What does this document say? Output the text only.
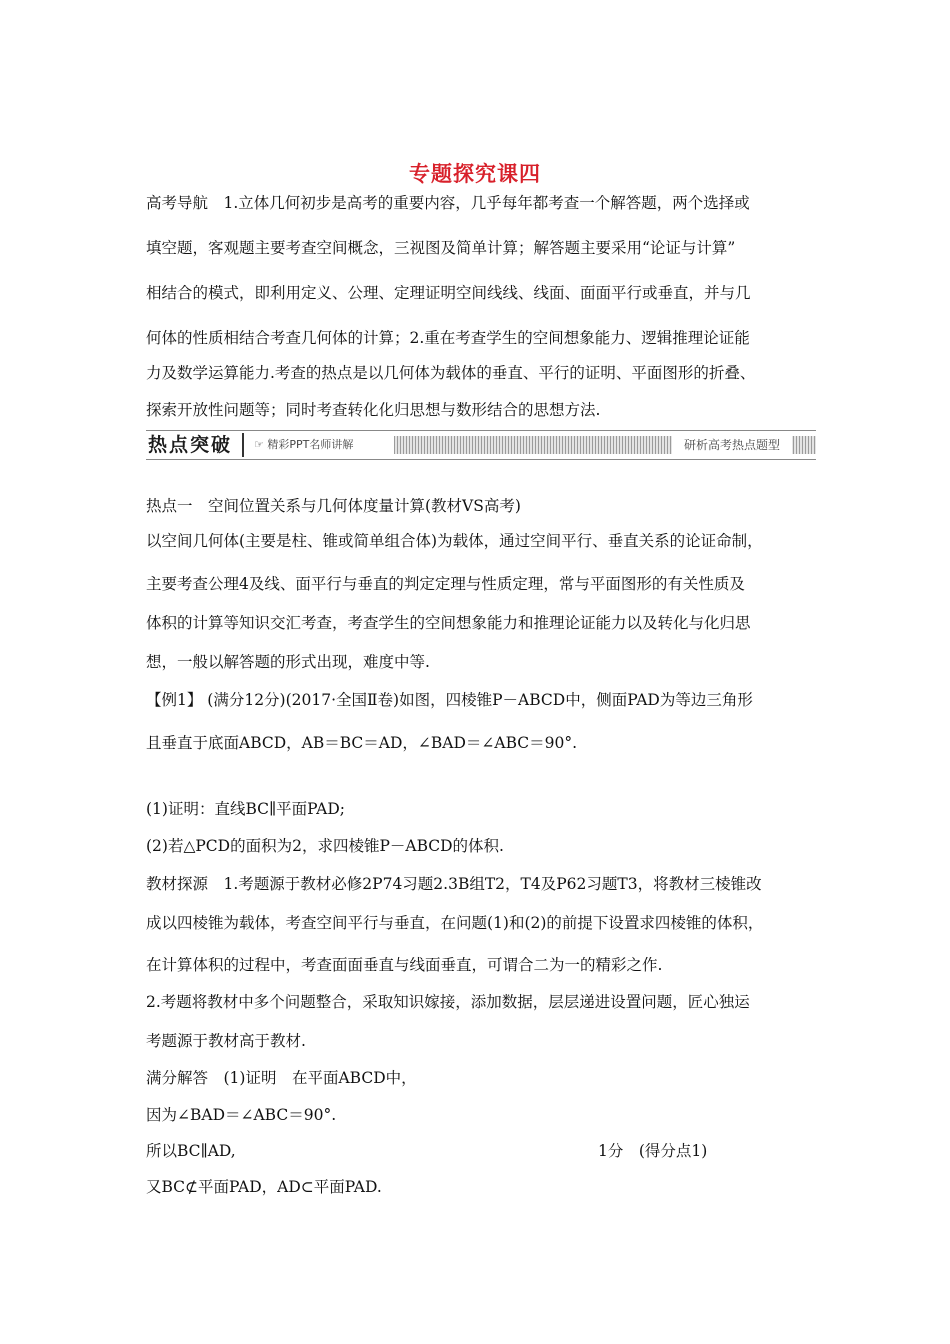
专题探究课四
高考导航　1.立体几何初步是高考的重要内容，几乎每年都考查一个解答题，两个选择或
填空题，客观题主要考查空间概念，三视图及简单计算；解答题主要采用“论证与计算”
相结合的模式，即利用定义、公理、定理证明空间线线、线面、面面平行或垂直，并与几
何体的性质相结合考查几何体的计算；2.重在考查学生的空间想象能力、逻辑推理论证能
力及数学运算能力.考查的热点是以几何体为载体的垂直、平行的证明、平面图形的折叠、
探索开放性问题等；同时考查转化化归思想与数形结合的思想方法.
热点突破	☞ 精彩PPT名师讲解	研析高考热点题型
热点一　空间位置关系与几何体度量计算(教材VS高考)
以空间几何体(主要是柱、锥或简单组合体)为载体，通过空间平行、垂直关系的论证命制，
主要考查公理4及线、面平行与垂直的判定定理与性质定理，常与平面图形的有关性质及
体积的计算等知识交汇考查，考查学生的空间想象能力和推理论证能力以及转化与化归思
想，一般以解答题的形式出现，难度中等.
【例1】 (满分12分)(2017·全国Ⅱ卷)如图，四棱锥P－ABCD中，侧面PAD为等边三角形
且垂直于底面ABCD，AB＝BC＝AD，∠BAD＝∠ABC＝90°.
(1)证明：直线BC∥平面PAD;
(2)若△PCD的面积为2，求四棱锥P－ABCD的体积.
教材探源　1.考题源于教材必修2P74习题2.3B组T2，T4及P62习题T3，将教材三棱锥改
成以四棱锥为载体，考查空间平行与垂直，在问题(1)和(2)的前提下设置求四棱锥的体积，
在计算体积的过程中，考查面面垂直与线面垂直，可谓合二为一的精彩之作.
2.考题将教材中多个问题整合，采取知识嫁接，添加数据，层层递进设置问题，匠心独运
考题源于教材高于教材.
满分解答　(1)证明　在平面ABCD中，
因为∠BAD＝∠ABC＝90°.
所以BC∥AD,	1分　(得分点1)
又BC⊄平面PAD，AD⊂平面PAD.
